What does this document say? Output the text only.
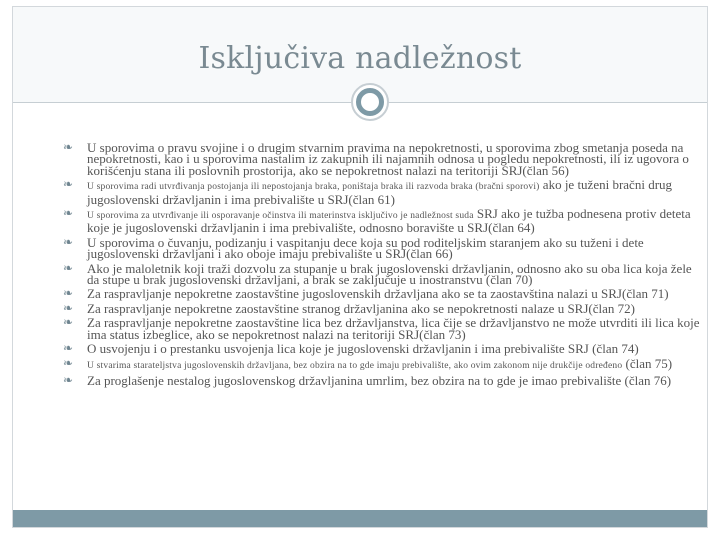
Isključiva nadležnost
❧ U sporovima o pravu svojine i o drugim stvarnim pravima na nepokretnosti, u sporovima zbog smetanja poseda na nepokretnosti, kao i u sporovima nastalim iz zakupnih ili najamnih odnosa u pogledu nepokretnosti, ili iz ugovora o korišćenju stana ili poslovnih prostorija, ako se nepokretnost nalazi na teritoriji SRJ(član 56)
❧ U sporovima radi utvrđivanja postojanja ili nepostojanja braka, poništaja braka ili razvoda braka (bračni sporovi) ako je tuženi bračni drug jugoslovenski državljanin i ima prebivalište u SRJ(član 61)
❧ U sporovima za utvrđivanje ili osporavanje očinstva ili materinstva isključivo je nadležnost suda SRJ ako je tužba podnesena protiv deteta koje je jugoslovenski državljanin i ima prebivalište, odnosno boravište u SRJ(član 64)
❧ U sporovima o čuvanju, podizanju i vaspitanju dece koja su pod roditeljskim staranjem ako su tuženi i dete jugoslovenski državljani i ako oboje imaju prebivalište u SRJ(član 66)
❧ Ako je maloletnik koji traži dozvolu za stupanje u brak jugoslovenski državljanin, odnosno ako su oba lica koja žele da stupe u brak jugoslovenski državljani, a brak se zaključuje u inostranstvu (član 70)
❧ Za raspravljanje nepokretne zaostavštine jugoslovenskih državljana ako se ta zaostavština nalazi u SRJ(član 71)
❧ Za raspravljanje nepokretne zaostavštine stranog državljanina ako se nepokretnosti nalaze u SRJ(član 72)
❧ Za raspravljanje nepokretne zaostavštine lica bez državljanstva, lica čije se državljanstvo ne može utvrditi ili lica koje ima status izbeglice, ako se nepokretnost nalazi na teritoriji SRJ(član 73)
❧ O usvojenju i o prestanku usvojenja lica koje je jugoslovenski državljanin i ima prebivalište SRJ (član 74)
❧ U stvarima starateljstva jugoslovenskih državljana, bez obzira na to gde imaju prebivalište, ako ovim zakonom nije drukčije određeno (član 75)
❧ Za proglašenje nestalog jugoslovenskog državljanina umrlim, bez obzira na to gde je imao prebivalište (član 76)
